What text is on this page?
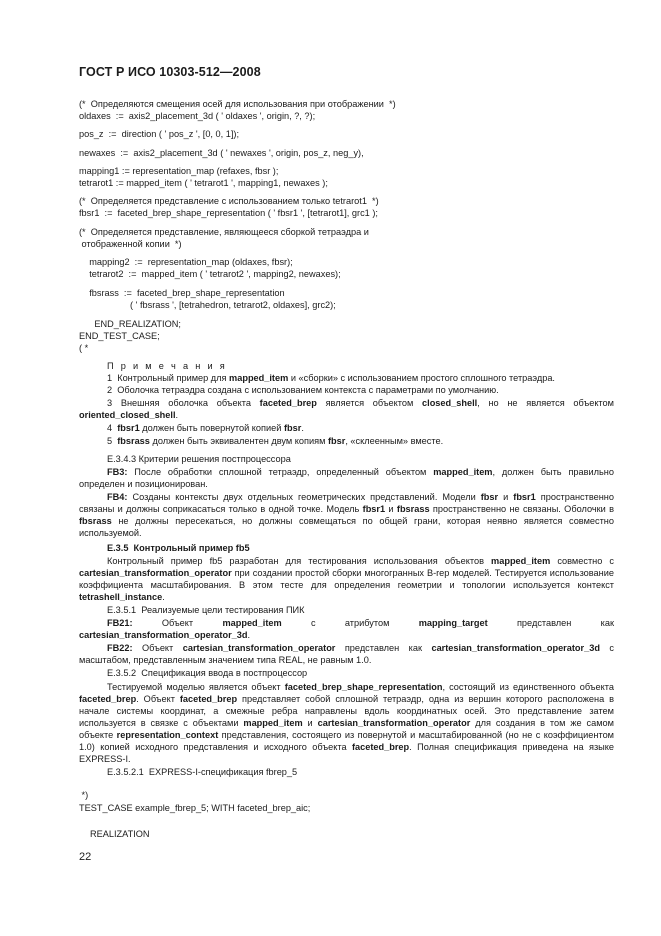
ГОСТ Р ИСО 10303-512—2008
(*  Определяются смещения осей для использования при отображении  *)
oldaxes  :=  axis2_placement_3d ( ' oldaxes ', origin, ?, ?);
pos_z  :=  direction ( ' pos_z ', [0, 0, 1]);
newaxes  :=  axis2_placement_3d ( ' newaxes ', origin, pos_z, neg_y),
mapping1 := representation_map (refaxes, fbsr );
tetrarot1 := mapped_item ( ' tetrarot1 ', mapping1, newaxes );
(*  Определяется представление с использованием только tetrarot1  *)
fbsr1  :=  faceted_brep_shape_representation ( ' fbsr1 ', [tetrarot1], grc1 );
(*  Определяется представление, являющееся сборкой тетраэдра и
отображенной копии  *)
mapping2  :=  representation_map (oldaxes, fbsr);
tetrarot2  :=  mapped_item ( ' tetrarot2 ', mapping2, newaxes);
fbsrass  :=  faceted_brep_shape_representation
( ' fbsrass ', [tetrahedron, tetrarot2, oldaxes], grc2);
END_REALIZATION;
END_TEST_CASE;
( *
П р и м е ч а н и я
1  Контрольный пример для mapped_item и «сборки» с использованием простого сплошного тетраэдра.
2  Оболочка тетраэдра создана с использованием контекста с параметрами по умолчанию.
3 Внешняя оболочка объекта faceted_brep является объектом closed_shell, но не является объектом oriented_closed_shell.
4  fbsr1 должен быть повернутой копией fbsr.
5  fbsrass должен быть эквивалентен двум копиям fbsr, «склеенным» вместе.
E.3.4.3 Критерии решения постпроцессора
FB3: После обработки сплошной тетраэдр, определенный объектом mapped_item, должен быть правильно определен и позиционирован.
FB4: Созданы контексты двух отдельных геометрических представлений. Модели fbsr и fbsr1 пространственно связаны и должны соприкасаться только в одной точке. Модель fbsr1 и fbsrass пространственно не связаны. Оболочки в fbsrass не должны пересекаться, но должны совмещаться по общей грани, которая неявно является совместно используемой.
E.3.5  Контрольный пример fb5
Контрольный пример fb5 разработан для тестирования использования объектов mapped_item совместно с cartesian_transformation_operator при создании простой сборки многогранных B-rep моделей. Тестируется использование коэффициента масштабирования. В этом тесте для определения геометрии и топологии используется контекст tetrashell_instance.
E.3.5.1  Реализуемые цели тестирования ПИК
FB21: Объект mapped_item с атрибутом mapping_target представлен как cartesian_transformation_operator_3d.
FB22: Объект cartesian_transformation_operator представлен как cartesian_transformation_operator_3d с масштабом, представленным значением типа REAL, не равным 1.0.
E.3.5.2  Спецификация ввода в постпроцессор
Тестируемой моделью является объект faceted_brep_shape_representation, состоящий из единственного объекта faceted_brep. Объект faceted_brep представляет собой сплошной тетраэдр, одна из вершин которого расположена в начале системы координат, а смежные ребра направлены вдоль координатных осей. Это представление затем используется в связке с объектами mapped_item и cartesian_transformation_operator для создания в том же самом объекте representation_context представления, состоящего из повернутой и масштабированной (но не с коэффициентом 1.0) копией исходного представления и исходного объекта faceted_brep. Полная спецификация приведена на языке EXPRESS-I.
E.3.5.2.1  EXPRESS-I-спецификация fbrep_5
*)
TEST_CASE example_fbrep_5; WITH faceted_brep_aic;
REALIZATION
22
